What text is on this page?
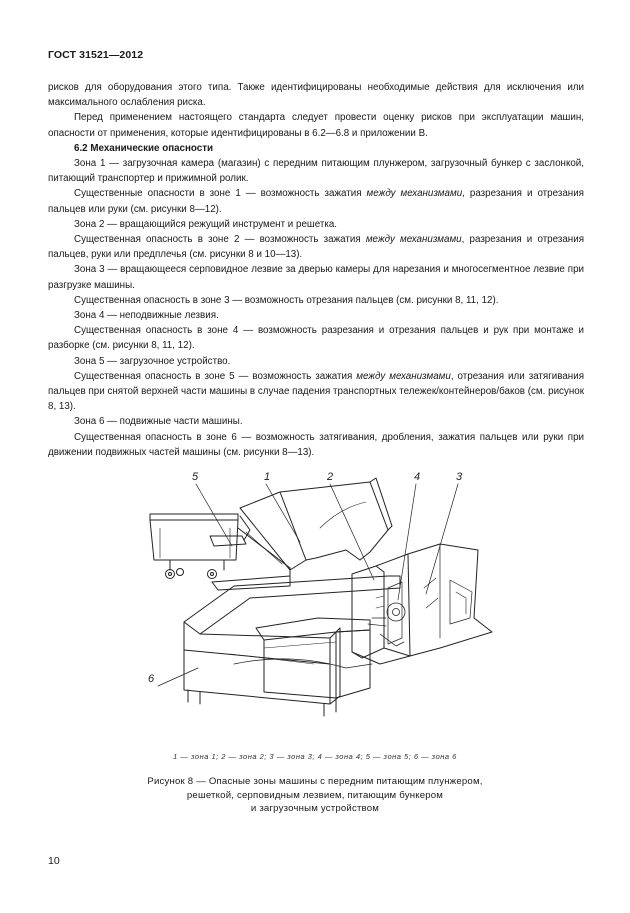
ГОСТ 31521—2012

рисков для оборудования этого типа. Также идентифицированы необходимые действия для исключения или максимального ослабления риска.

Перед применением настоящего стандарта следует провести оценку рисков при эксплуатации машин, опасности от применения, которые идентифицированы в 6.2—6.8 и приложении В.

6.2 Механические опасности

Зона 1 — загрузочная камера (магазин) с передним питающим плунжером, загрузочный бункер с заслонкой, питающий транспортер и прижимной ролик.

Существенные опасности в зоне 1 — возможность зажатия между механизмами, разрезания и отрезания пальцев или руки (см. рисунки 8—12).

Зона 2 — вращающийся режущий инструмент и решетка.

Существенная опасность в зоне 2 — возможность зажатия между механизмами, разрезания и отрезания пальцев, руки или предплечья (см. рисунки 8 и 10—13).

Зона 3 — вращающееся серповидное лезвие за дверью камеры для нарезания и многосегментное лезвие при разгрузке машины.

Существенная опасность в зоне 3 — возможность отрезания пальцев (см. рисунки 8, 11, 12).

Зона 4 — неподвижные лезвия.

Существенная опасность в зоне 4 — возможность разрезания и отрезания пальцев и рук при монтаже и разборке (см. рисунки 8, 11, 12).

Зона 5 — загрузочное устройство.

Существенная опасность в зоне 5 — возможность зажатия между механизмами, отрезания или затягивания пальцев при снятой верхней части машины в случае падения транспортных тележек/контейнеров/баков (см. рисунок 8, 13).

Зона 6 — подвижные части машины.

Существенная опасность в зоне 6 — возможность затягивания, дробления, зажатия пальцев или руки при движении подвижных частей машины (см. рисунки 8—13).

5	1	2	4	3
6
1 — зона 1; 2 — зона 2; 3 — зона 3; 4 — зона 4; 5 — зона 5; 6 — зона 6
Рисунок 8 — Опасные зоны машины с передним питающим плунжером,
решеткой, серповидным лезвием, питающим бункером
и загрузочным устройством
10
